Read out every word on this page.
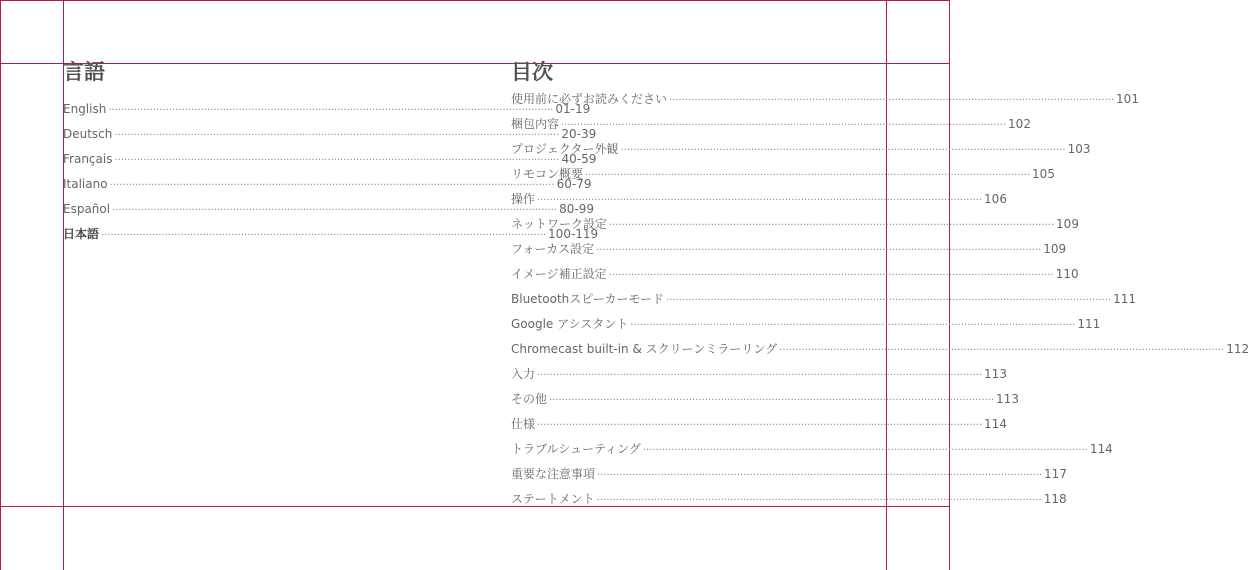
言語
English ············································································································································ 01-19
Deutsch ············································································································································ 20-39
Français ············································································································································ 40-59
Italiano ············································································································································ 60-79
Español ············································································································································ 80-99
日本語 ············································································································································ 100-119
目次
使用前に必ずお読みください ············································································································································ 101
梱包内容 ············································································································································ 102
プロジェクター外観 ············································································································································ 103
リモコン概要 ············································································································································ 105
操作 ············································································································································ 106
ネットワーク設定 ············································································································································ 109
フォーカス設定 ············································································································································ 109
イメージ補正設定 ············································································································································ 110
Bluetoothスピーカーモード ············································································································································ 111
Google アシスタント ············································································································································ 111
Chromecast built-in & スクリーンミラーリング ············································································································································ 112
入力 ············································································································································ 113
その他 ············································································································································ 113
仕様 ············································································································································ 114
トラブルシューティング ············································································································································ 114
重要な注意事項 ············································································································································ 117
ステートメント ············································································································································ 118
